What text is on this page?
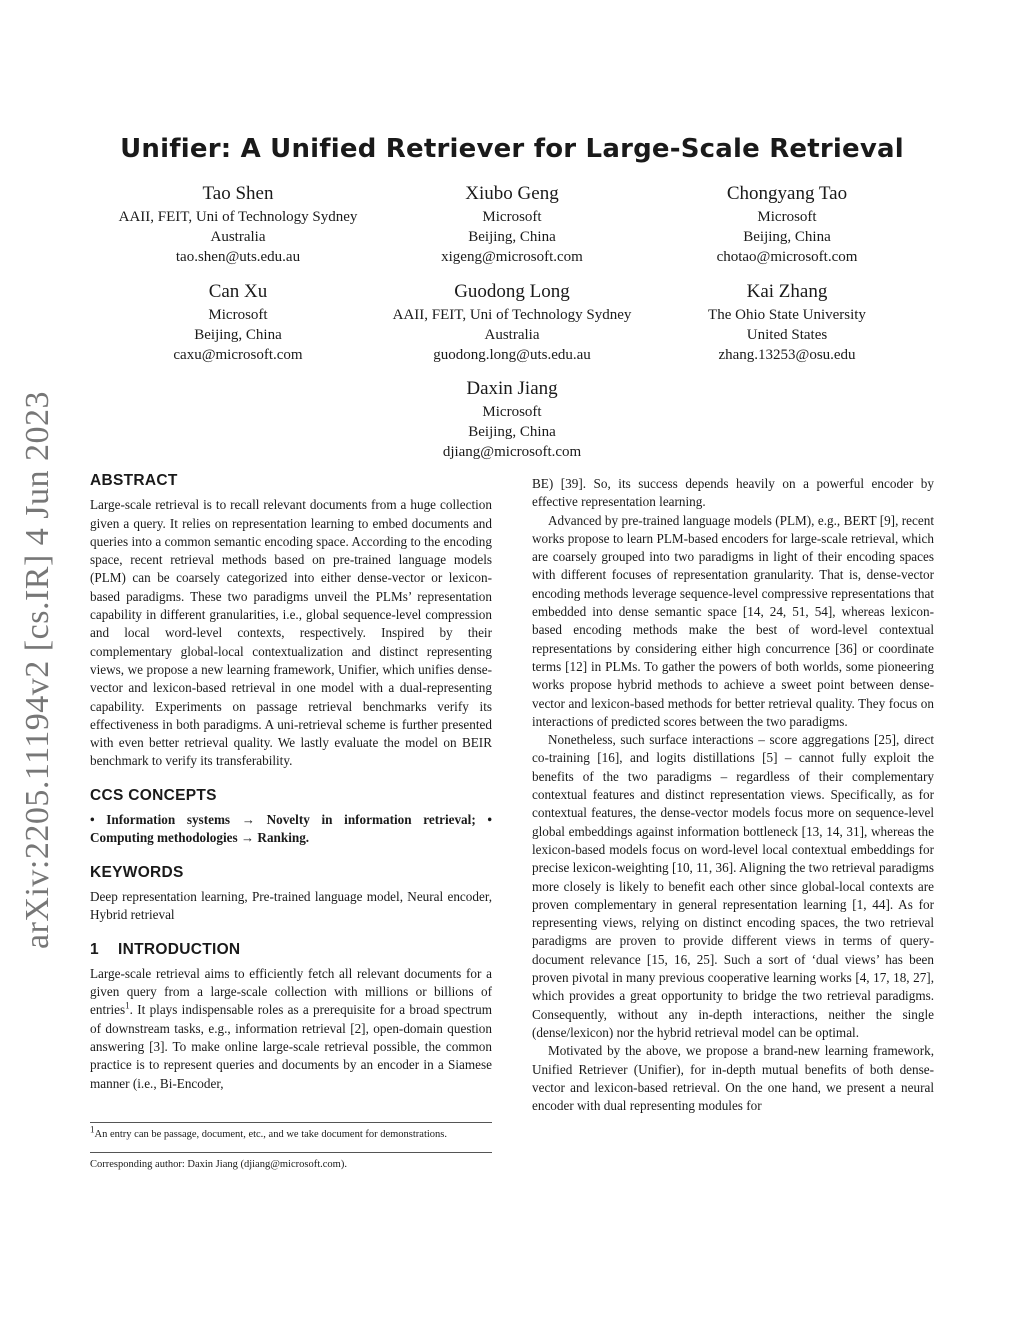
arXiv:2205.11194v2 [cs.IR] 4 Jun 2023
Unifier: A Unified Retriever for Large-Scale Retrieval
Tao Shen
AAII, FEIT, Uni of Technology Sydney
Australia
tao.shen@uts.edu.au
Xiubo Geng
Microsoft
Beijing, China
xigeng@microsoft.com
Chongyang Tao
Microsoft
Beijing, China
chotao@microsoft.com
Can Xu
Microsoft
Beijing, China
caxu@microsoft.com
Guodong Long
AAII, FEIT, Uni of Technology Sydney
Australia
guodong.long@uts.edu.au
Kai Zhang
The Ohio State University
United States
zhang.13253@osu.edu
Daxin Jiang
Microsoft
Beijing, China
djiang@microsoft.com
ABSTRACT

Large-scale retrieval is to recall relevant documents from a huge collection given a query. It relies on representation learning to embed documents and queries into a common semantic encoding space. According to the encoding space, recent retrieval methods based on pre-trained language models (PLM) can be coarsely categorized into either dense-vector or lexicon-based paradigms. These two paradigms unveil the PLMs’ representation capability in different granularities, i.e., global sequence-level compression and local word-level contexts, respectively. Inspired by their complementary global-local contextualization and distinct representing views, we propose a new learning framework, Unifier, which unifies dense-vector and lexicon-based retrieval in one model with a dual-representing capability. Experiments on passage retrieval benchmarks verify its effectiveness in both paradigms. A uni-retrieval scheme is further presented with even better retrieval quality. We lastly evaluate the model on BEIR benchmark to verify its transferability.

CCS CONCEPTS

• Information systems → Novelty in information retrieval; • Computing methodologies → Ranking.

KEYWORDS

Deep representation learning, Pre-trained language model, Neural encoder, Hybrid retrieval

1 INTRODUCTION

Large-scale retrieval aims to efficiently fetch all relevant documents for a given query from a large-scale collection with millions or billions of entries$^1$. It plays indispensable roles as a prerequisite for a broad spectrum of downstream tasks, e.g., information retrieval [2], open-domain question answering [3]. To make online large-scale retrieval possible, the common practice is to represent queries and documents by an encoder in a Siamese manner (i.e., Bi-Encoder,

BE) [39]. So, its success depends heavily on a powerful encoder by effective representation learning.

Advanced by pre-trained language models (PLM), e.g., BERT [9], recent works propose to learn PLM-based encoders for large-scale retrieval, which are coarsely grouped into two paradigms in light of their encoding spaces with different focuses of representation granularity. That is, dense-vector encoding methods leverage sequence-level compressive representations that embedded into dense semantic space [14, 24, 51, 54], whereas lexicon-based encoding methods make the best of word-level contextual representations by considering either high concurrence [36] or coordinate terms [12] in PLMs. To gather the powers of both worlds, some pioneering works propose hybrid methods to achieve a sweet point between dense-vector and lexicon-based methods for better retrieval quality. They focus on interactions of predicted scores between the two paradigms.

Nonetheless, such surface interactions – score aggregations [25], direct co-training [16], and logits distillations [5] – cannot fully exploit the benefits of the two paradigms – regardless of their complementary contextual features and distinct representation views. Specifically, as for contextual features, the dense-vector models focus more on sequence-level global embeddings against information bottleneck [13, 14, 31], whereas the lexicon-based models focus on word-level local contextual embeddings for precise lexicon-weighting [10, 11, 36]. Aligning the two retrieval paradigms more closely is likely to benefit each other since global-local contexts are proven complementary in general representation learning [1, 44]. As for representing views, relying on distinct encoding spaces, the two retrieval paradigms are proven to provide different views in terms of query-document relevance [15, 16, 25]. Such a sort of ‘dual views’ has been proven pivotal in many previous cooperative learning works [4, 17, 18, 27], which provides a great opportunity to bridge the two retrieval paradigms. Consequently, without any in-depth interactions, neither the single (dense/lexicon) nor the hybrid retrieval model can be optimal.

Motivated by the above, we propose a brand-new learning framework, Unified Retriever (Unifier), for in-depth mutual benefits of both dense-vector and lexicon-based retrieval. On the one hand, we present a neural encoder with dual representing modules for

$^1$An entry can be passage, document, etc., and we take document for demonstrations.
Corresponding author: Daxin Jiang (djiang@microsoft.com).
